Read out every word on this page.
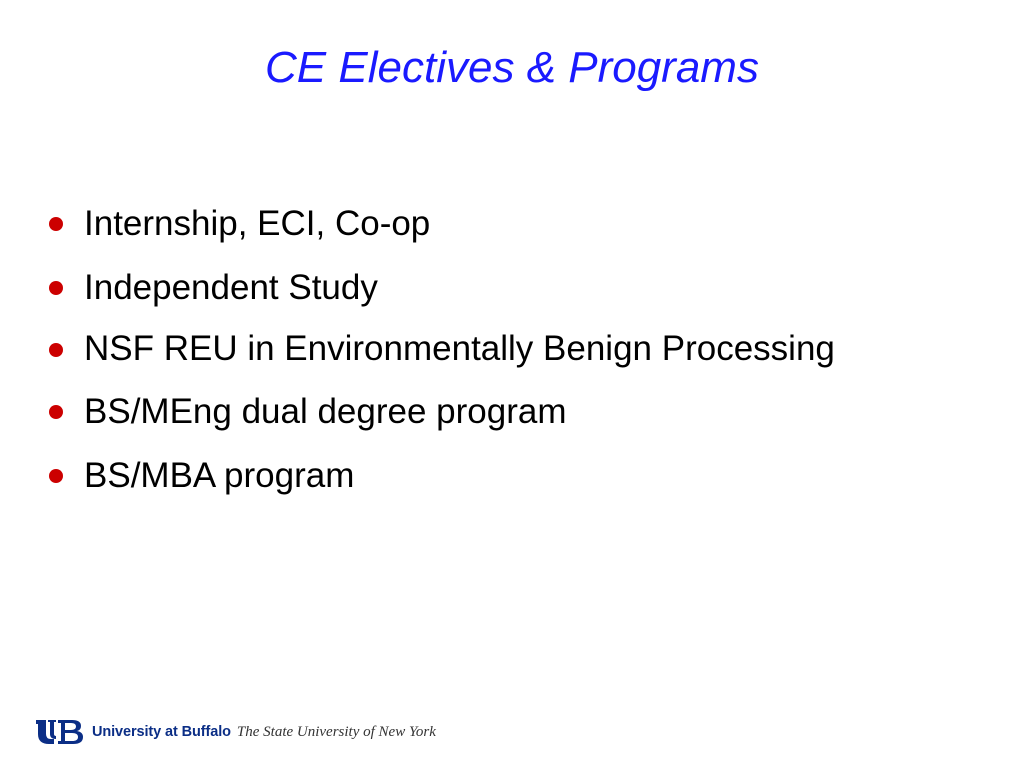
CE Electives & Programs
Internship, ECI, Co-op
Independent Study
NSF REU in Environmentally Benign Processing
BS/MEng dual degree program
BS/MBA program
University at Buffalo The State University of New York
